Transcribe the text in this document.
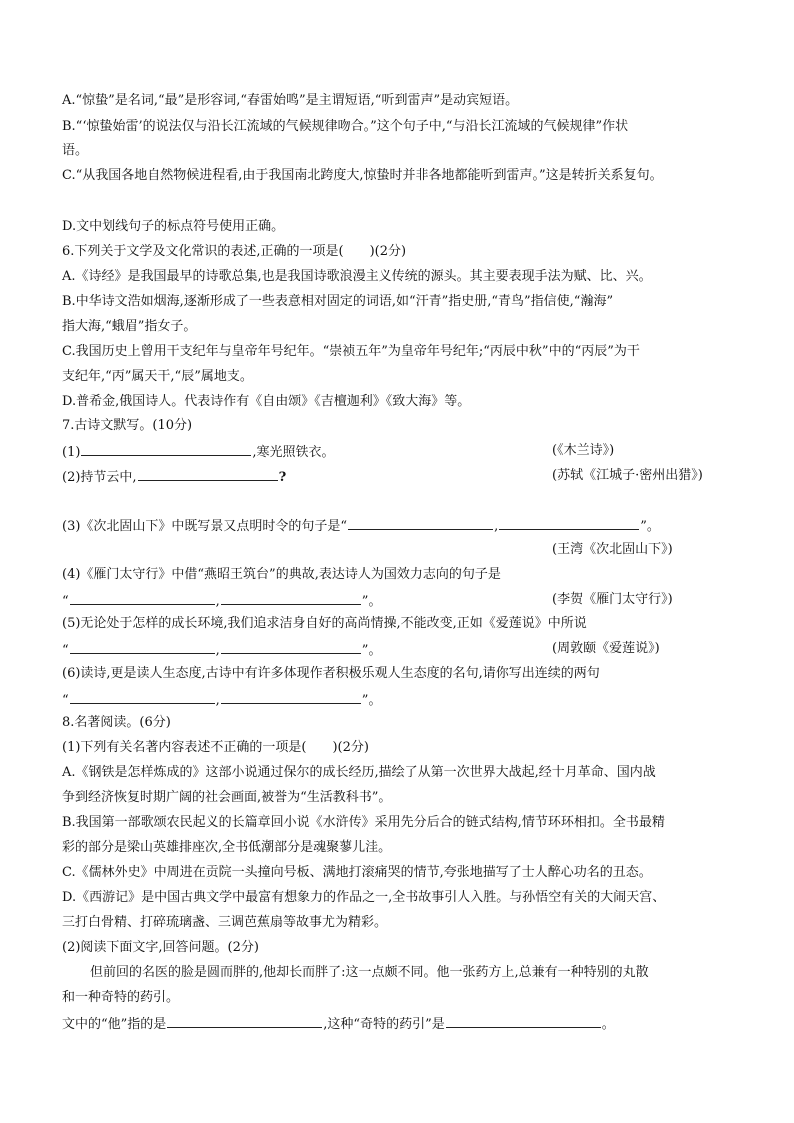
A.“惊蛰”是名词,“最”是形容词,“春雷始鸣”是主谓短语,“听到雷声”是动宾短语。
B.“‘惊蛰始雷’的说法仅与沿长江流域的气候规律吻合。”这个句子中,“与沿长江流域的气候规律”作状
语。
C.“从我国各地自然物候进程看,由于我国南北跨度大,惊蛰时并非各地都能听到雷声。”这是转折关系复句。
D.文中划线句子的标点符号使用正确。
6.下列关于文学及文化常识的表述,正确的一项是(　　)(2分)
A.《诗经》是我国最早的诗歌总集,也是我国诗歌浪漫主义传统的源头。其主要表现手法为赋、比、兴。
B.中华诗文浩如烟海,逐渐形成了一些表意相对固定的词语,如“汗青”指史册,“青鸟”指信使,“瀚海”
指大海,“蛾眉”指女子。
C.我国历史上曾用干支纪年与皇帝年号纪年。“崇祯五年”为皇帝年号纪年;“丙辰中秋”中的“丙辰”为干
支纪年,“丙”属天干,“辰”属地支。
D.普希金,俄国诗人。代表诗作有《自由颂》《吉檀迦利》《致大海》等。
7.古诗文默写。(10分)
(1)	,寒光照铁衣。	(《木兰诗》)
(2)持节云中,	?	(苏轼《江城子·密州出猎》)
(3)《次北固山下》中既写景又点明时令的句子是“	,	”。
(王湾《次北固山下》)
(4)《雁门太守行》中借“燕昭王筑台”的典故,表达诗人为国效力志向的句子是
“	,	”。	(李贺《雁门太守行》)
(5)无论处于怎样的成长环境,我们追求洁身自好的高尚情操,不能改变,正如《爱莲说》中所说
“	,	”。	(周敦颐《爱莲说》)
(6)读诗,更是读人生态度,古诗中有许多体现作者积极乐观人生态度的名句,请你写出连续的两句
“	,	”。
8.名著阅读。(6分)
(1)下列有关名著内容表述不正确的一项是(　　)(2分)
A.《钢铁是怎样炼成的》这部小说通过保尔的成长经历,描绘了从第一次世界大战起,经十月革命、国内战
争到经济恢复时期广阔的社会画面,被誉为“生活教科书”。
B.我国第一部歌颂农民起义的长篇章回小说《水浒传》采用先分后合的链式结构,情节环环相扣。全书最精
彩的部分是梁山英雄排座次,全书低潮部分是魂聚蓼儿洼。
C.《儒林外史》中周进在贡院一头撞向号板、满地打滚痛哭的情节,夸张地描写了士人醉心功名的丑态。
D.《西游记》是中国古典文学中最富有想象力的作品之一,全书故事引人入胜。与孙悟空有关的大闹天宫、
三打白骨精、打碎琉璃盏、三调芭蕉扇等故事尤为精彩。
(2)阅读下面文字,回答问题。(2分)
但前回的名医的脸是圆而胖的,他却长而胖了:这一点颇不同。他一张药方上,总兼有一种特别的丸散
和一种奇特的药引。
文中的“他”指的是	,这种“奇特的药引”是	。
